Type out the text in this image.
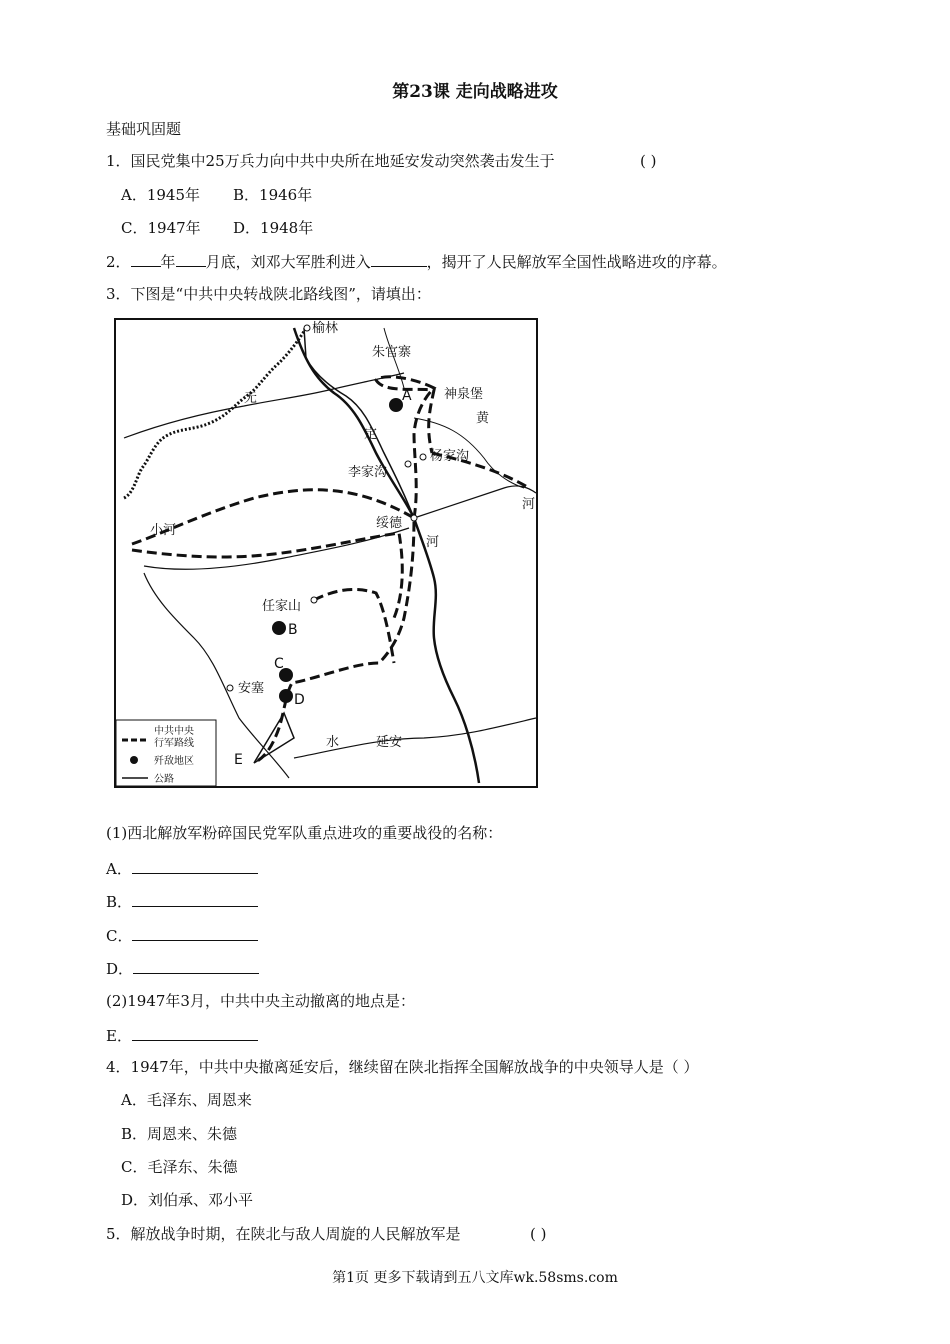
第23课 走向战略进攻
基础巩固题
1．国民党集中25万兵力向中共中央所在地延安发动突然袭击发生于	( )
A．1945年 B．1946年
C．1947年 D．1948年
2． 年 月底，刘邓大军胜利进入	，揭开了人民解放军全国性战略进攻的序幕。
3．下图是“中共中央转战陕北路线图”，请填出：
榆林
朱官寨
神泉堡
杨家沟
李家沟
绥德
小河
任家山
安塞
延安
无
定
河
黄
河
水
A
B
C
D
E
中共中央
行军路线
歼敌地区
公路
(1)西北解放军粉碎国民党军队重点进攻的重要战役的名称：
A．
B．
C．
D．
(2)1947年3月，中共中央主动撤离的地点是：
E．
4．1947年，中共中央撤离延安后，继续留在陕北指挥全国解放战争的中央领导人是（ ）
A．毛泽东、周恩来
B．周恩来、朱德
C．毛泽东、朱德
D．刘伯承、邓小平
5．解放战争时期，在陕北与敌人周旋的人民解放军是	( )
第1页 更多下载请到五八文库wk.58sms.com
